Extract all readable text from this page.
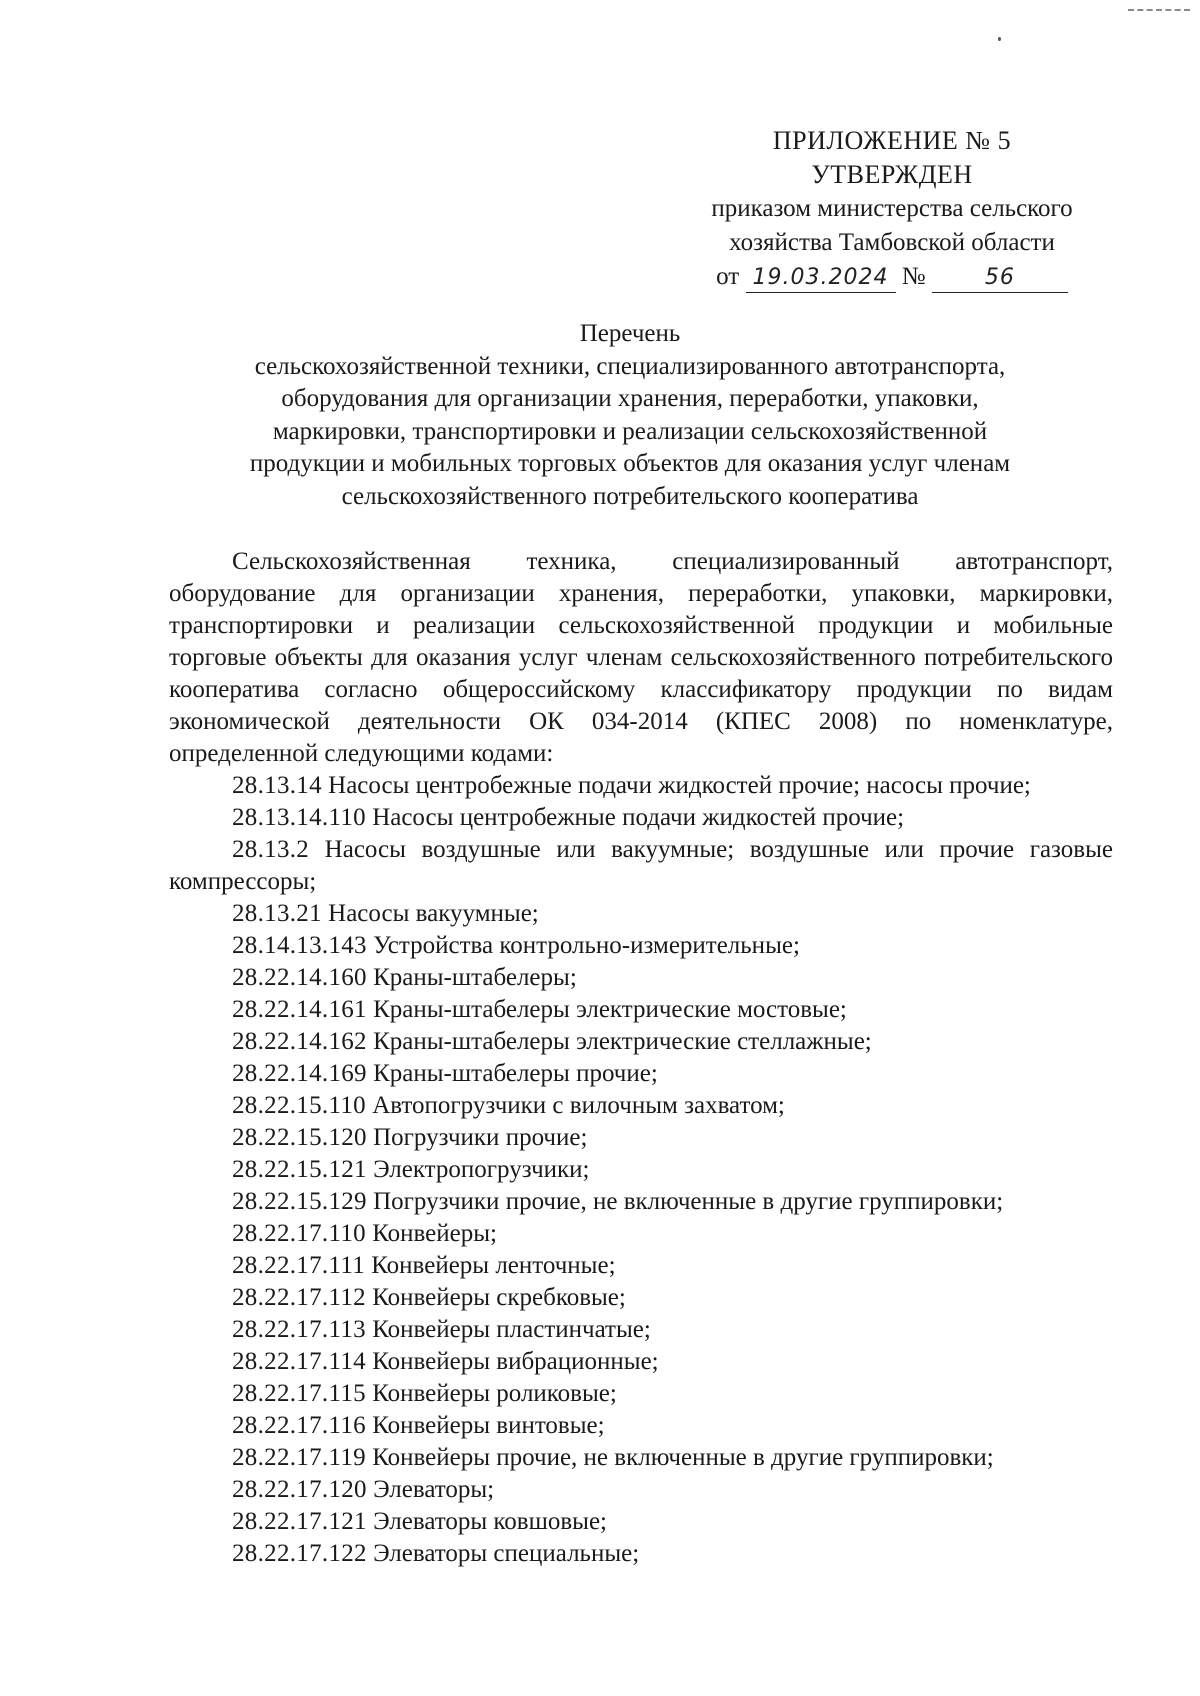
ПРИЛОЖЕНИЕ № 5
УТВЕРЖДЕН
приказом министерства сельского
хозяйства Тамбовской области
от 19.03.2024 №	56
Перечень
сельскохозяйственной техники, специализированного автотранспорта,
оборудования для организации хранения, переработки, упаковки,
маркировки, транспортировки и реализации сельскохозяйственной
продукции и мобильных торговых объектов для оказания услуг членам
сельскохозяйственного потребительского кооператива

Сельскохозяйственная техника, специализированный автотранспорт, оборудование для организации хранения, переработки, упаковки, маркировки, транспортировки и реализации сельскохозяйственной продукции и мобильные торговые объекты для оказания услуг членам сельскохозяйственного потребительского кооператива согласно общероссийскому классификатору продукции по видам экономической деятельности ОК 034-2014 (КПЕС 2008) по номенклатуре, определенной следующими кодами:

28.13.14 Насосы центробежные подачи жидкостей прочие; насосы прочие;

28.13.14.110 Насосы центробежные подачи жидкостей прочие;

28.13.2 Насосы воздушные или вакуумные; воздушные или прочие газовые компрессоры;

28.13.21 Насосы вакуумные;

28.14.13.143 Устройства контрольно-измерительные;

28.22.14.160 Краны-штабелеры;

28.22.14.161 Краны-штабелеры электрические мостовые;

28.22.14.162 Краны-штабелеры электрические стеллажные;

28.22.14.169 Краны-штабелеры прочие;

28.22.15.110 Автопогрузчики с вилочным захватом;

28.22.15.120 Погрузчики прочие;

28.22.15.121 Электропогрузчики;

28.22.15.129 Погрузчики прочие, не включенные в другие группировки;

28.22.17.110 Конвейеры;

28.22.17.111 Конвейеры ленточные;

28.22.17.112 Конвейеры скребковые;

28.22.17.113 Конвейеры пластинчатые;

28.22.17.114 Конвейеры вибрационные;

28.22.17.115 Конвейеры роликовые;

28.22.17.116 Конвейеры винтовые;

28.22.17.119 Конвейеры прочие, не включенные в другие группировки;

28.22.17.120 Элеваторы;

28.22.17.121 Элеваторы ковшовые;

28.22.17.122 Элеваторы специальные;
